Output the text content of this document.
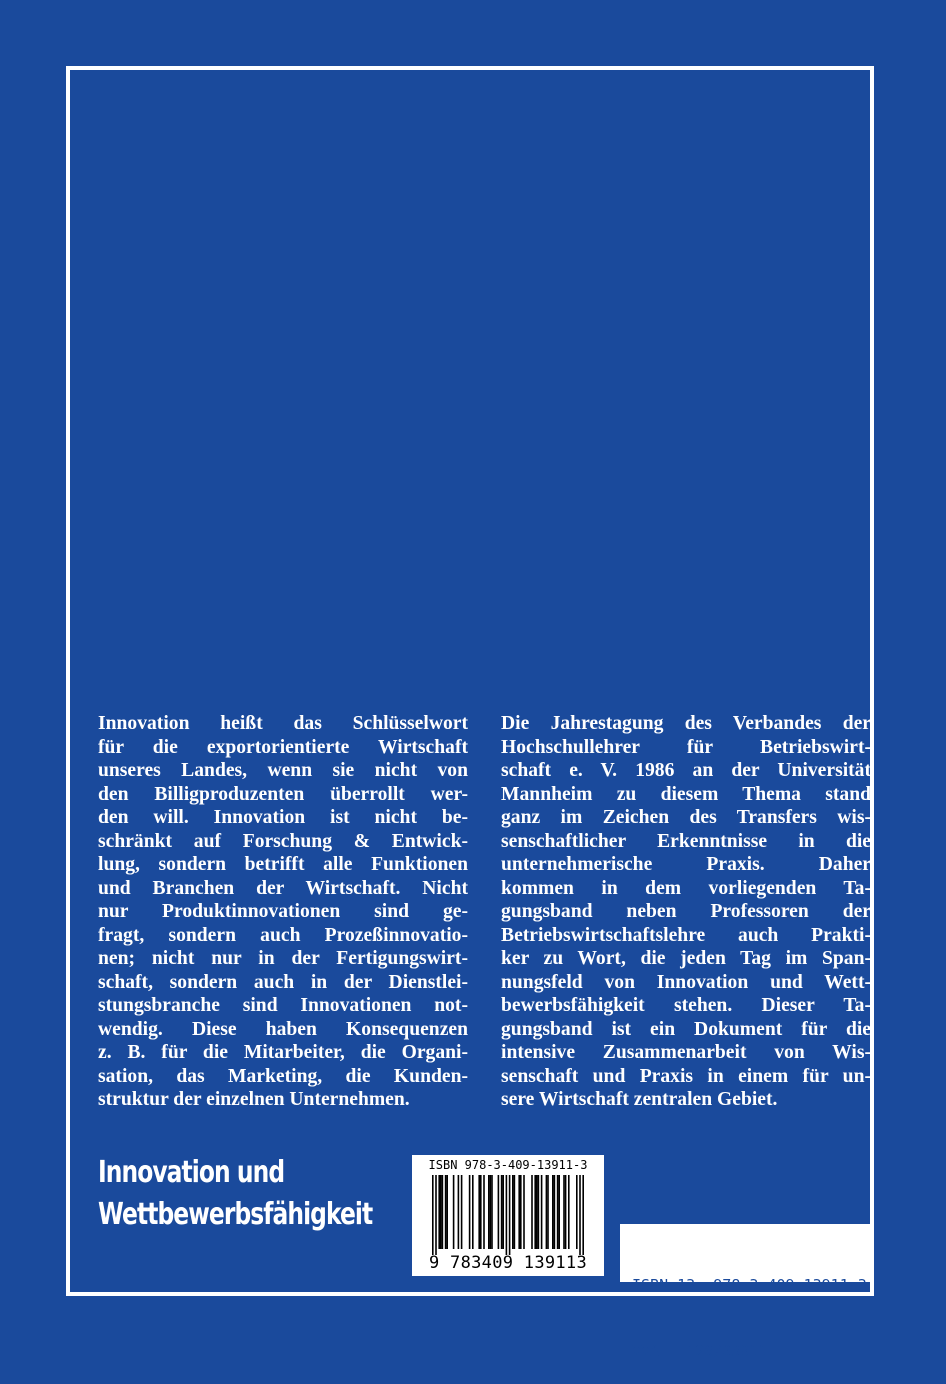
Innovation heißt das Schlüsselwort
für die exportorientierte Wirtschaft
unseres Landes, wenn sie nicht von
den Billigproduzenten überrollt wer-
den will. Innovation ist nicht be-
schränkt auf Forschung & Entwick-
lung, sondern betrifft alle Funktionen
und Branchen der Wirtschaft. Nicht
nur Produktinnovationen sind ge-
fragt, sondern auch Prozeßinnovatio-
nen; nicht nur in der Fertigungswirt-
schaft, sondern auch in der Dienstlei-
stungsbranche sind Innovationen not-
wendig. Diese haben Konsequenzen
z. B. für die Mitarbeiter, die Organi-
sation, das Marketing, die Kunden-
struktur der einzelnen Unternehmen.
Die Jahrestagung des Verbandes der
Hochschullehrer für Betriebswirt-
schaft e. V. 1986 an der Universität
Mannheim zu diesem Thema stand
ganz im Zeichen des Transfers wis-
senschaftlicher Erkenntnisse in die
unternehmerische Praxis. Daher
kommen in dem vorliegenden Ta-
gungsband neben Professoren der
Betriebswirtschaftslehre auch Prakti-
ker zu Wort, die jeden Tag im Span-
nungsfeld von Innovation und Wett-
bewerbsfähigkeit stehen. Dieser Ta-
gungsband ist ein Dokument für die
intensive Zusammenarbeit von Wis-
senschaft und Praxis in einem für un-
sere Wirtschaft zentralen Gebiet.
Innovation und
Wettbewerbsfähigkeit
ISBN 978-3-409-13911-3
9 783409 139113

ISBN-13: 978-3-409-13911-3

VVA   126/03911
